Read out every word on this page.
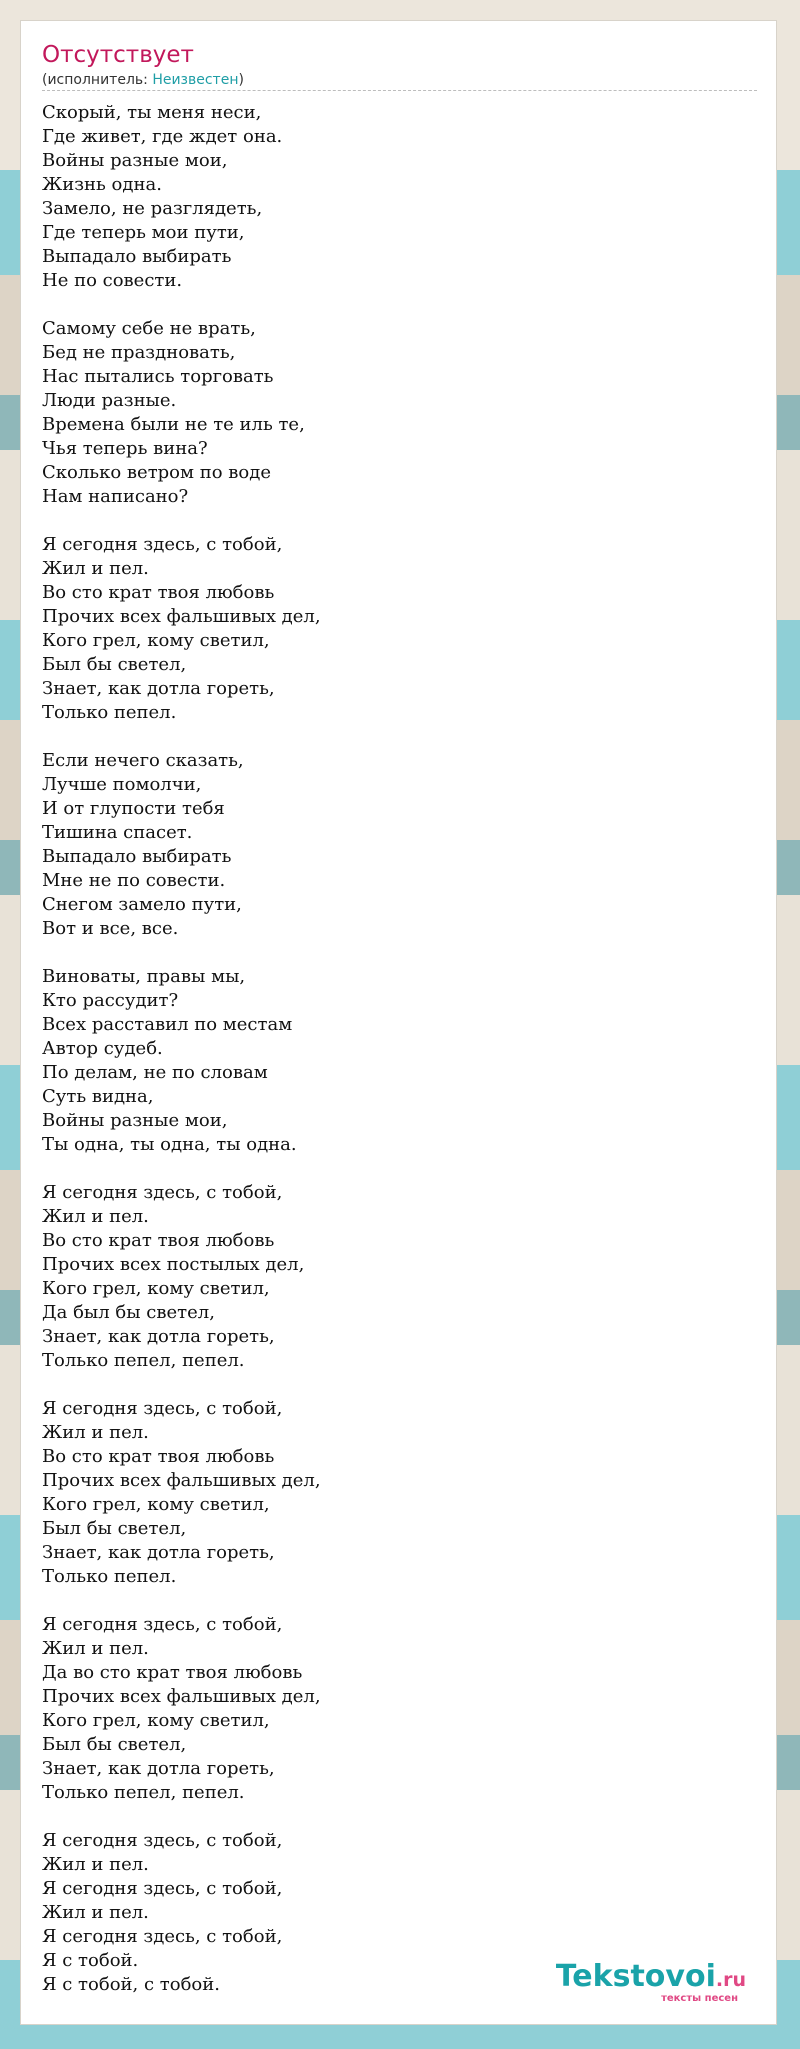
Отсутствует
(исполнитель: Неизвестен)
Скорый, ты меня неси,
Где живет, где ждет она.
Войны разные мои,
Жизнь одна.
Замело, не разглядеть,
Где теперь мои пути,
Выпадало выбирать
Не по совести.
Самому себе не врать,
Бед не праздновать,
Нас пытались торговать
Люди разные.
Времена были не те иль те,
Чья теперь вина?
Сколько ветром по воде
Нам написано?
Я сегодня здесь, с тобой,
Жил и пел.
Во сто крат твоя любовь
Прочих всех фальшивых дел,
Кого грел, кому светил,
Был бы светел,
Знает, как дотла гореть,
Только пепел.
Если нечего сказать,
Лучше помолчи,
И от глупости тебя
Тишина спасет.
Выпадало выбирать
Мне не по совести.
Снегом замело пути,
Вот и все, все.
Виноваты, правы мы,
Кто рассудит?
Всех расставил по местам
Автор судеб.
По делам, не по словам
Суть видна,
Войны разные мои,
Ты одна, ты одна, ты одна.
Я сегодня здесь, с тобой,
Жил и пел.
Во сто крат твоя любовь
Прочих всех постылых дел,
Кого грел, кому светил,
Да был бы светел,
Знает, как дотла гореть,
Только пепел, пепел.
Я сегодня здесь, с тобой,
Жил и пел.
Во сто крат твоя любовь
Прочих всех фальшивых дел,
Кого грел, кому светил,
Был бы светел,
Знает, как дотла гореть,
Только пепел.
Я сегодня здесь, с тобой,
Жил и пел.
Да во сто крат твоя любовь
Прочих всех фальшивых дел,
Кого грел, кому светил,
Был бы светел,
Знает, как дотла гореть,
Только пепел, пепел.
Я сегодня здесь, с тобой,
Жил и пел.
Я сегодня здесь, с тобой,
Жил и пел.
Я сегодня здесь, с тобой,
Я с тобой.
Я с тобой, с тобой.	Tekstovoi.ru
тексты песен
